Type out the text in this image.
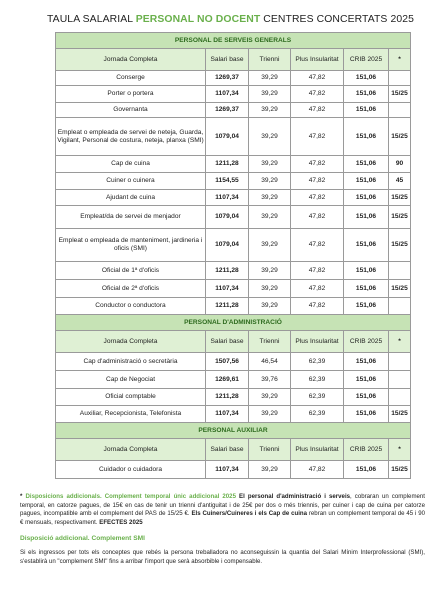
TAULA SALARIAL PERSONAL NO DOCENT CENTRES CONCERTATS 2025
PERSONAL DE SERVEIS GENERALS					
Jornada Completa	Salari base	Trienni	Plus Insularitat	CRIB 2025	*
Conserge	1269,37	39,29	47,82	151,06	
Porter o portera	1107,34	39,29	47,82	151,06	15/25
Governanta	1269,37	39,29	47,82	151,06	
Empleat o empleada de servei de neteja, Guarda, Vigilant, Personal de costura, neteja, planxa (SMI)	1079,04	39,29	47,82	151,06	15/25
Cap de cuina	1211,28	39,29	47,82	151,06	90
Cuiner o cuinera	1154,55	39,29	47,82	151,06	45
Ajudant de cuina	1107,34	39,29	47,82	151,06	15/25
Empleat/da de servei de menjador	1079,04	39,29	47,82	151,06	15/25
Empleat o empleada de manteniment, jardineria i oficis (SMI)	1079,04	39,29	47,82	151,06	15/25
Oficial de 1ª d'oficis	1211,28	39,29	47,82	151,06	
Oficial de 2ª d'oficis	1107,34	39,29	47,82	151,06	15/25
Conductor o conductora	1211,28	39,29	47,82	151,06	
PERSONAL D'ADMINISTRACIÓ					
Jornada Completa	Salari base	Trienni	Plus Insularitat	CRIB 2025	*
Cap d'administració o secretària	1507,56	46,54	62,39	151,06	
Cap de Negociat	1269,61	39,76	62,39	151,06	
Oficial comptable	1211,28	39,29	62,39	151,06	
Auxiliar, Recepcionista, Telefonista	1107,34	39,29	62,39	151,06	15/25
PERSONAL AUXILIAR					
Jornada Completa	Salari base	Trienni	Plus Insularitat	CRIB 2025	*
Cuidador o cuidadora	1107,34	39,29	47,82	151,06	15/25

* Disposicions addicionals. Complement temporal únic addicional 2025 El personal d'administració i serveis, cobraran un complement temporal, en catorze pagues, de 15€ en cas de tenir un trienni d'antiguitat i de 25€ per dos o més triennis, per cuiner i cap de cuina per catorze pagues, incompatible amb el complement del PAS de 15/25 €. Els Cuiners/Cuineres i els Cap de cuina rebran un complement temporal de 45 i 90 € mensuals, respectivament. EFECTES 2025

Disposició addicional. Complement SMI

Si els ingressos per tots els conceptes que rebés la persona treballadora no aconseguissin la quantia del Salari Mínim Interprofessional (SMI), s'establirà un "complement SMI" fins a arribar l'import que serà absorbible i compensable.
